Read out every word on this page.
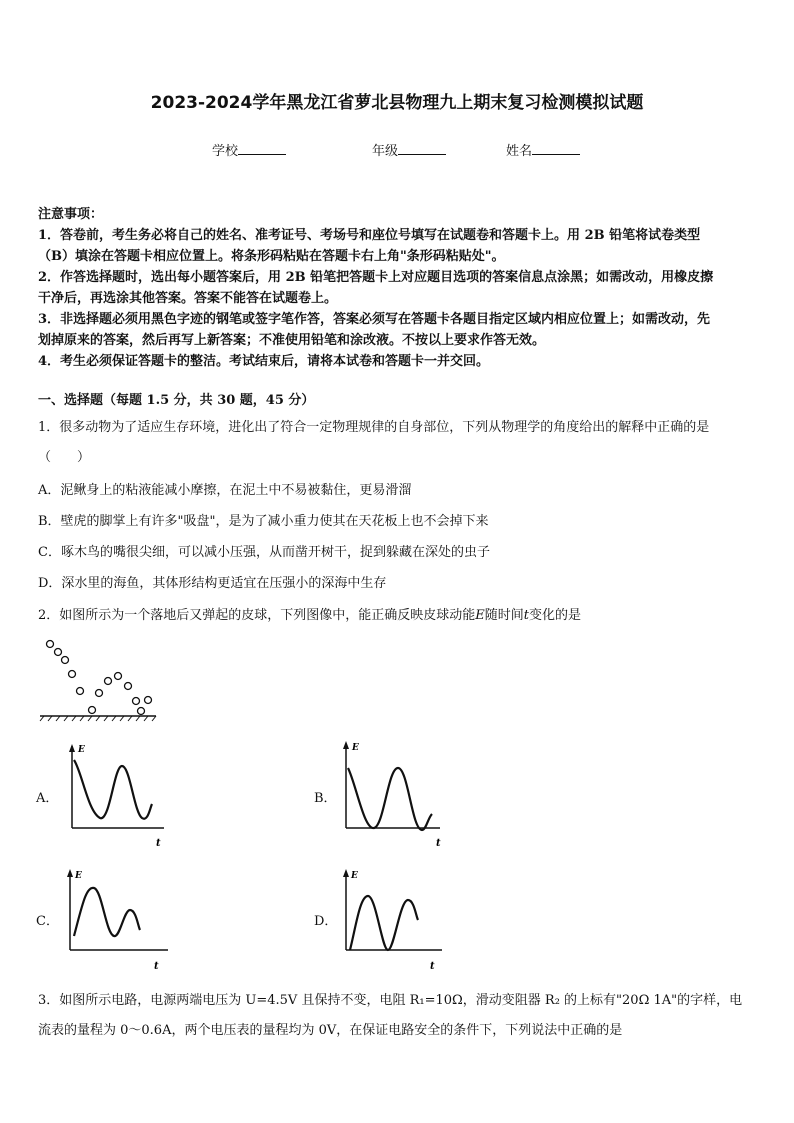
2023-2024学年黑龙江省萝北县物理九上期末复习检测模拟试题
学校	年级	姓名
注意事项：
1．答卷前，考生务必将自己的姓名、准考证号、考场号和座位号填写在试题卷和答题卡上。用 2B 铅笔将试卷类型
（B）填涂在答题卡相应位置上。将条形码粘贴在答题卡右上角"条形码粘贴处"。
2．作答选择题时，选出每小题答案后，用 2B 铅笔把答题卡上对应题目选项的答案信息点涂黑；如需改动，用橡皮擦
干净后，再选涂其他答案。答案不能答在试题卷上。
3．非选择题必须用黑色字迹的钢笔或签字笔作答，答案必须写在答题卡各题目指定区域内相应位置上；如需改动，先
划掉原来的答案，然后再写上新答案；不准使用铅笔和涂改液。不按以上要求作答无效。
4．考生必须保证答题卡的整洁。考试结束后，请将本试卷和答题卡一并交回。
一、选择题（每题 1.5 分，共 30 题，45 分）
1．很多动物为了适应生存环境，进化出了符合一定物理规律的自身部位，下列从物理学的角度给出的解释中正确的是
（　　）
A．泥鳅身上的粘液能减小摩擦，在泥土中不易被黏住，更易滑溜
B．壁虎的脚掌上有许多"吸盘"，是为了减小重力使其在天花板上也不会掉下来
C．啄木鸟的嘴很尖细，可以减小压强，从而凿开树干，捉到躲藏在深处的虫子
D．深水里的海鱼，其体形结构更适宜在压强小的深海中生存
2．如图所示为一个落地后又弹起的皮球，下列图像中，能正确反映皮球动能E随时间t变化的是
A．
E
t
B．
E
t
C．
E
t
D．
E
t
3．如图所示电路，电源两端电压为 U=4.5V 且保持不变，电阻 R₁=10Ω，滑动变阻器 R₂ 的上标有"20Ω 1A"的字样，电
流表的量程为 0～0.6A，两个电压表的量程均为 0V，在保证电路安全的条件下，下列说法中正确的是
